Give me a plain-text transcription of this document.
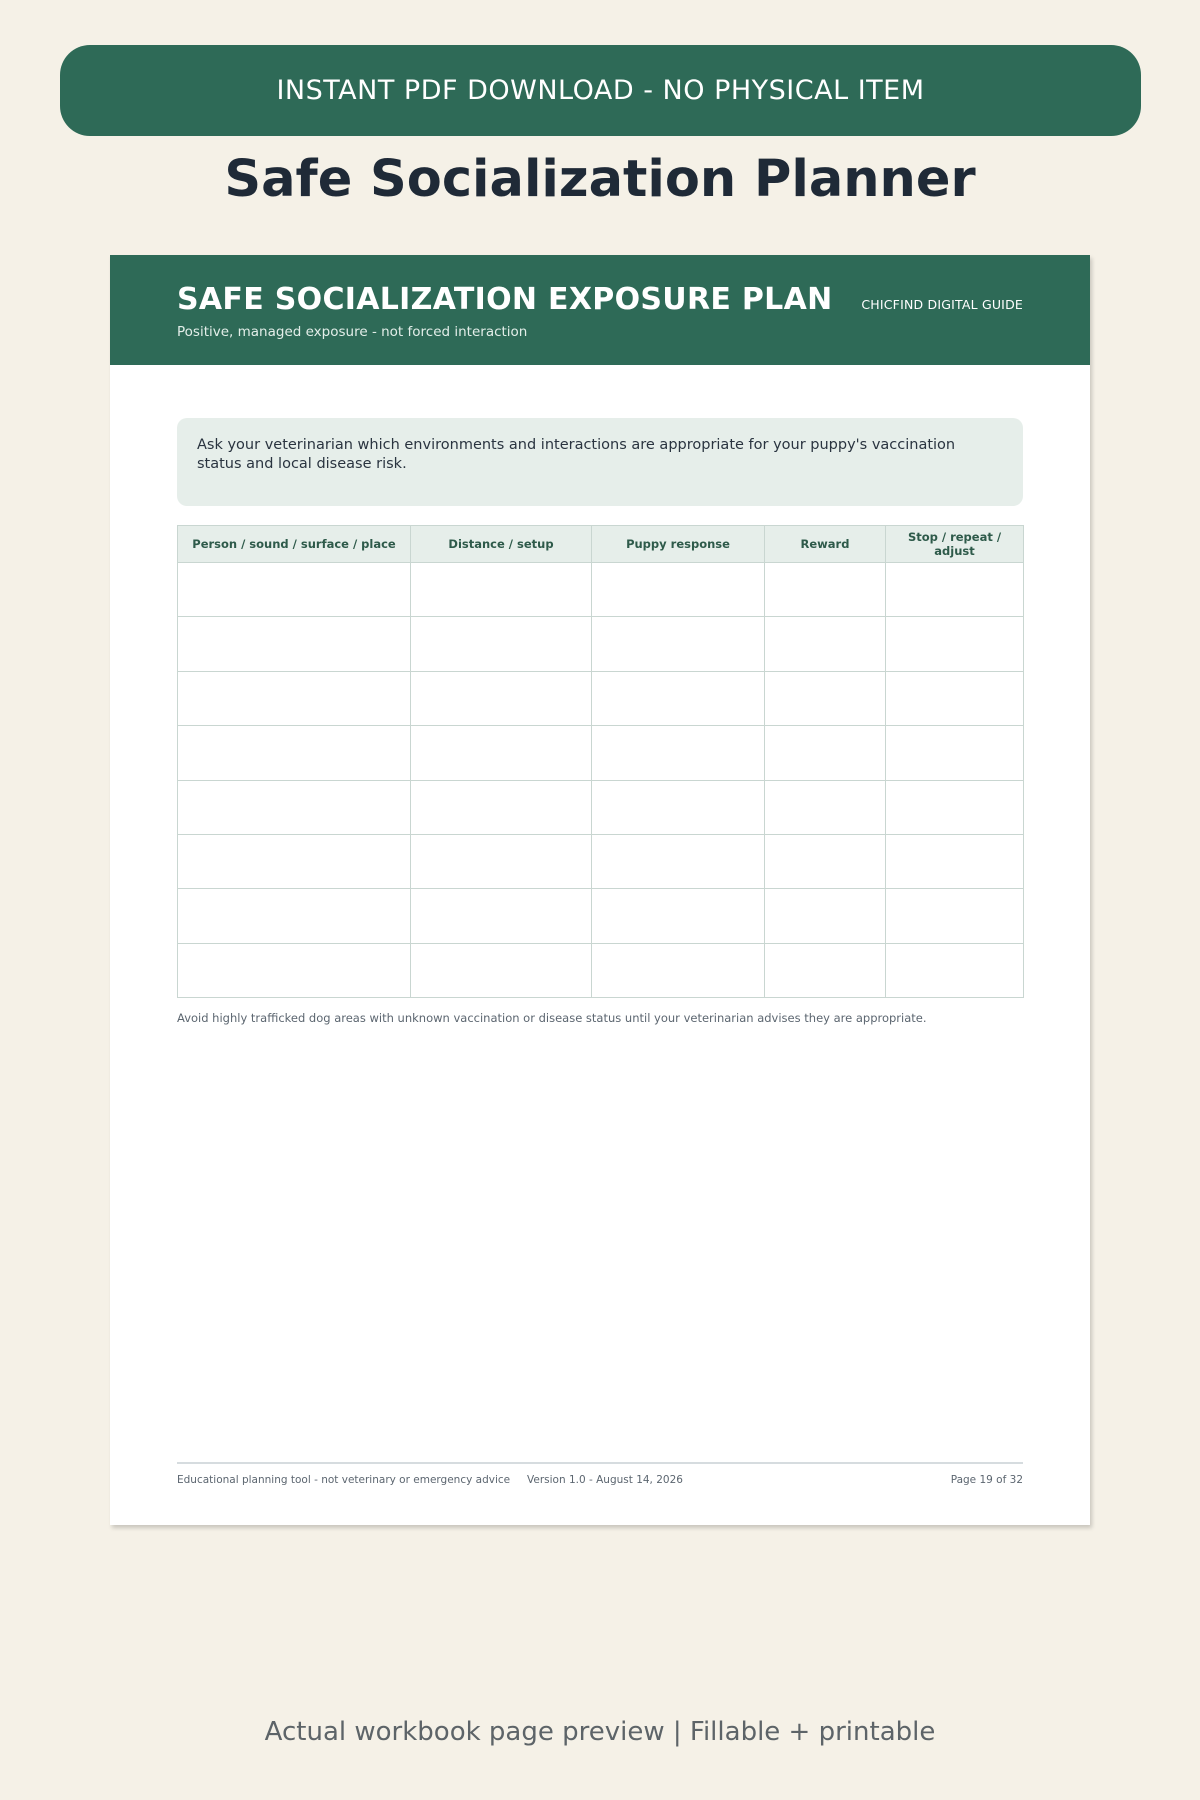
INSTANT PDF DOWNLOAD - NO PHYSICAL ITEM
Safe Socialization Planner
SAFE SOCIALIZATION EXPOSURE PLAN
Positive, managed exposure - not forced interaction
CHICFIND DIGITAL GUIDE
Ask your veterinarian which environments and interactions are appropriate for your puppy's vaccination status and local disease risk.
Person / sound / surface / place	Distance / setup	Puppy response	Reward	Stop / repeat / adjust

Avoid highly trafficked dog areas with unknown vaccination or disease status until your veterinarian advises they are appropriate.
Educational planning tool - not veterinary or emergency advice Version 1.0 - August 14, 2026	Page 19 of 32
Actual workbook page preview | Fillable + printable
